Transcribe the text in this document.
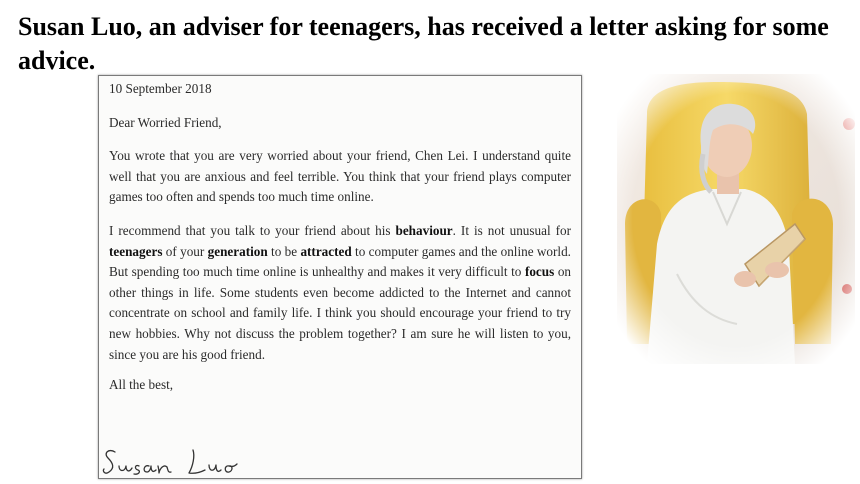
Susan Luo, an adviser for teenagers, has received a letter asking for some advice.

10 September 2018

Dear Worried Friend,

You wrote that you are very worried about your friend, Chen Lei. I understand quite well that you are anxious and feel terrible. You think that your friend plays computer games too often and spends too much time online.

I recommend that you talk to your friend about his behaviour. It is not unusual for teenagers of your generation to be attracted to computer games and the online world. But spending too much time online is unhealthy and makes it very difficult to focus on other things in life. Some students even become addicted to the Internet and cannot concentrate on school and family life. I think you should encourage your friend to try new hobbies. Why not discuss the problem together? I am sure he will listen to you, since you are his good friend.

All the best,
